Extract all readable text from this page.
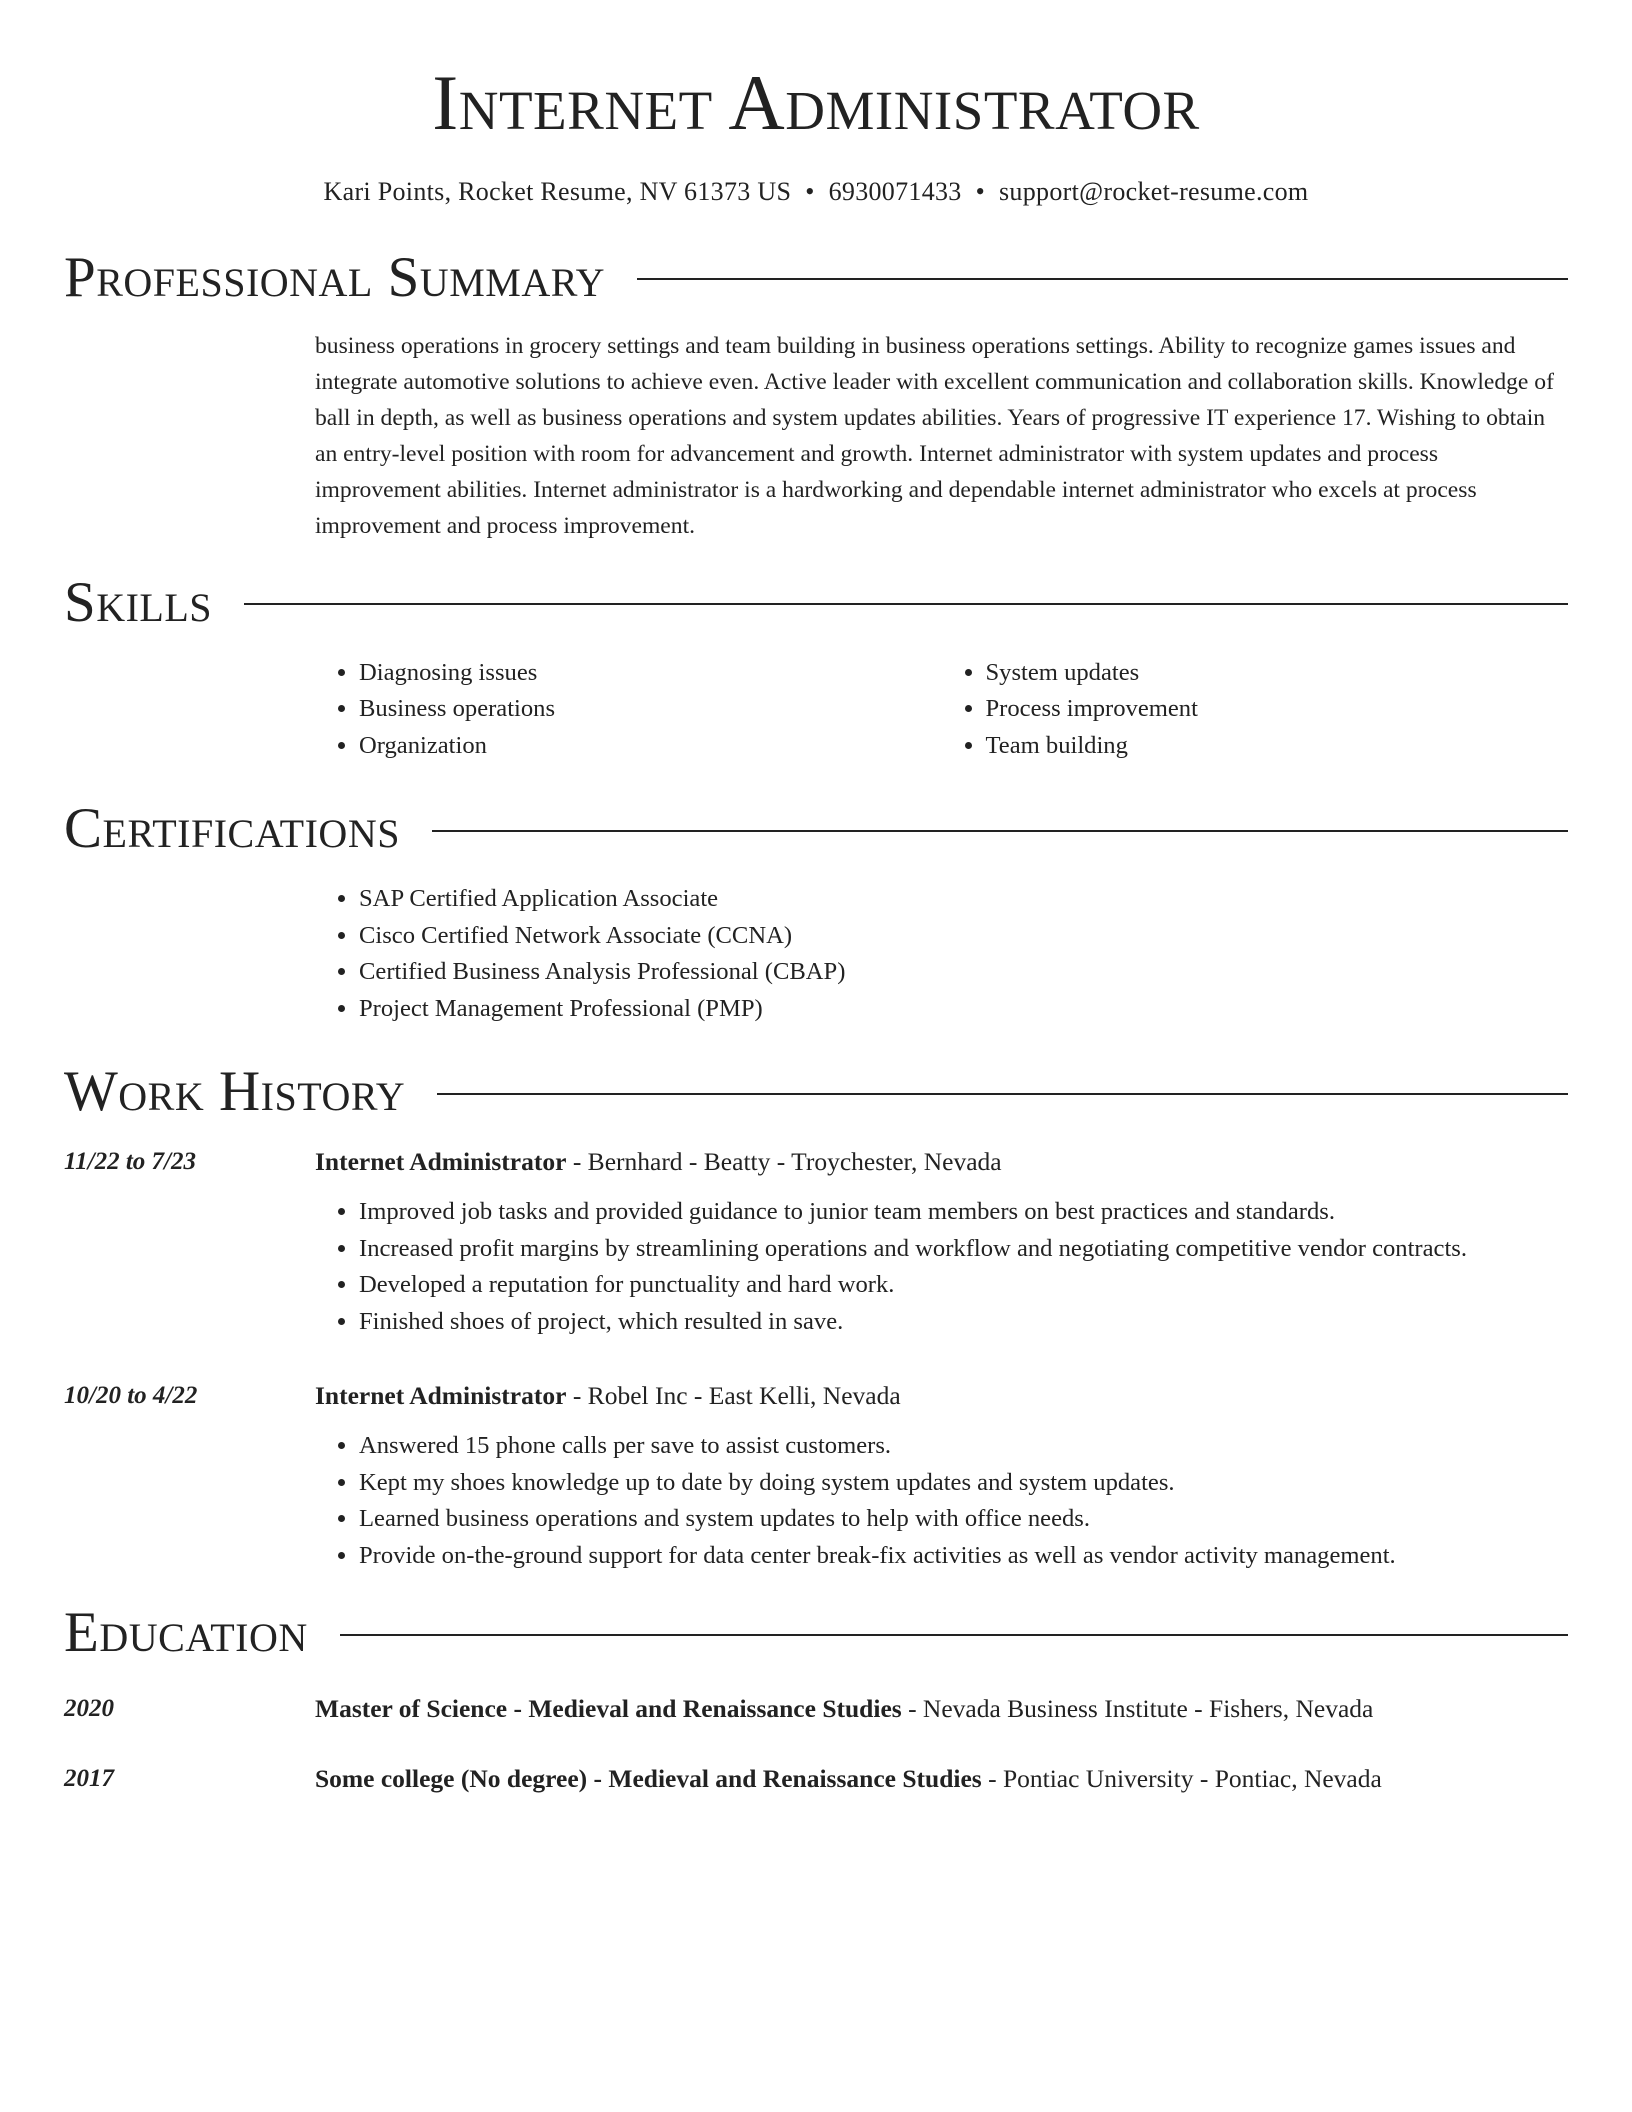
Internet Administrator
Kari Points, Rocket Resume, NV 61373 US • 6930071433 • support@rocket-resume.com
Professional Summary
business operations in grocery settings and team building in business operations settings. Ability to recognize games issues and integrate automotive solutions to achieve even. Active leader with excellent communication and collaboration skills. Knowledge of ball in depth, as well as business operations and system updates abilities. Years of progressive IT experience 17. Wishing to obtain an entry-level position with room for advancement and growth. Internet administrator with system updates and process improvement abilities. Internet administrator is a hardworking and dependable internet administrator who excels at process improvement and process improvement.
Skills
• Diagnosing issues
• Business operations
• Organization
• System updates
• Process improvement
• Team building
Certifications
• SAP Certified Application Associate
• Cisco Certified Network Associate (CCNA)
• Certified Business Analysis Professional (CBAP)
• Project Management Professional (PMP)
Work History
11/22 to 7/23	Internet Administrator - Bernhard - Beatty - Troychester, Nevada
• Improved job tasks and provided guidance to junior team members on best practices and standards.
• Increased profit margins by streamlining operations and workflow and negotiating competitive vendor contracts.
• Developed a reputation for punctuality and hard work.
• Finished shoes of project, which resulted in save.
10/20 to 4/22	Internet Administrator - Robel Inc - East Kelli, Nevada
• Answered 15 phone calls per save to assist customers.
• Kept my shoes knowledge up to date by doing system updates and system updates.
• Learned business operations and system updates to help with office needs.
• Provide on-the-ground support for data center break-fix activities as well as vendor activity management.
Education
2020	Master of Science - Medieval and Renaissance Studies - Nevada Business Institute - Fishers, Nevada
2017	Some college (No degree) - Medieval and Renaissance Studies - Pontiac University - Pontiac, Nevada
